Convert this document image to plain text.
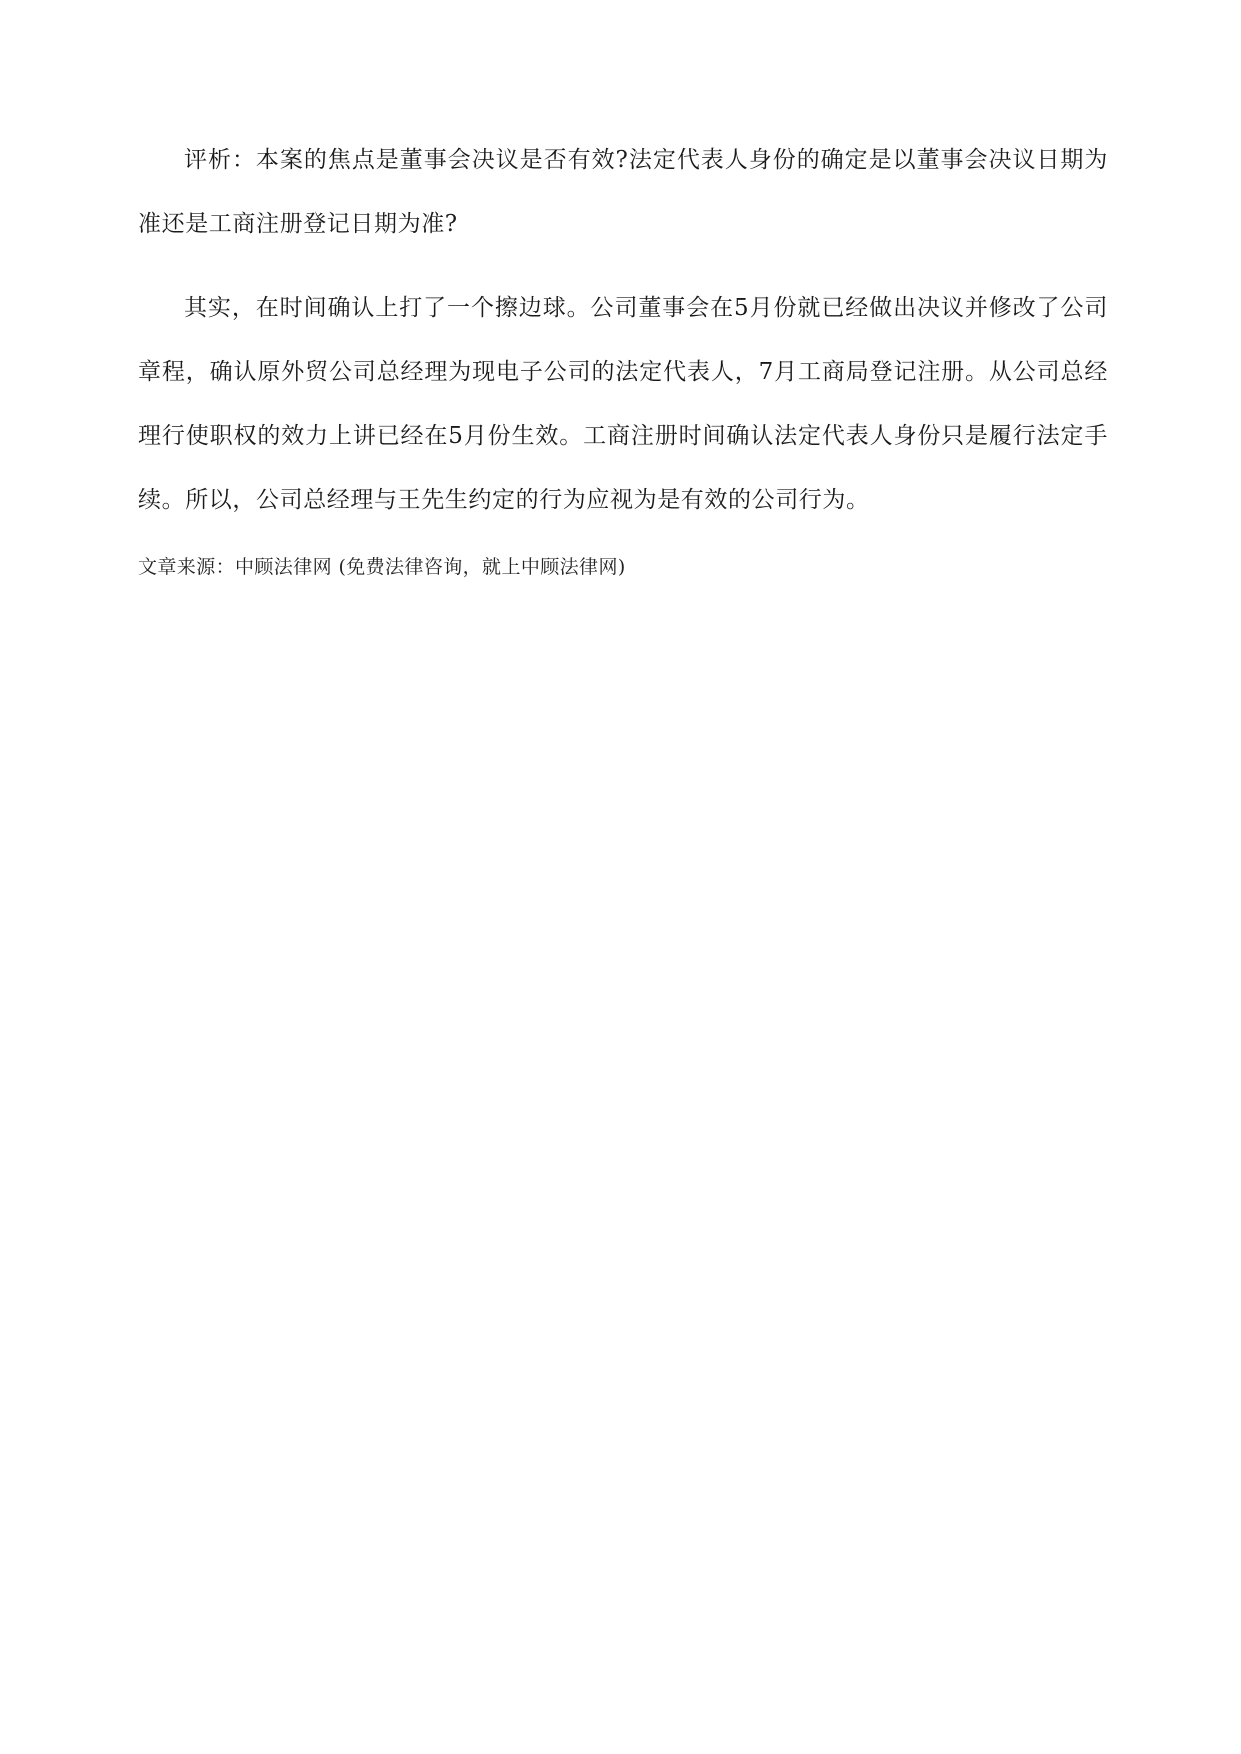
评析：本案的焦点是董事会决议是否有效?法定代表人身份的确定是以董事会决议日期为准还是工商注册登记日期为准?

其实，在时间确认上打了一个擦边球。公司董事会在5月份就已经做出决议并修改了公司章程，确认原外贸公司总经理为现电子公司的法定代表人，7月工商局登记注册。从公司总经理行使职权的效力上讲已经在5月份生效。工商注册时间确认法定代表人身份只是履行法定手续。所以，公司总经理与王先生约定的行为应视为是有效的公司行为。

文章来源：中顾法律网 (免费法律咨询，就上中顾法律网)
